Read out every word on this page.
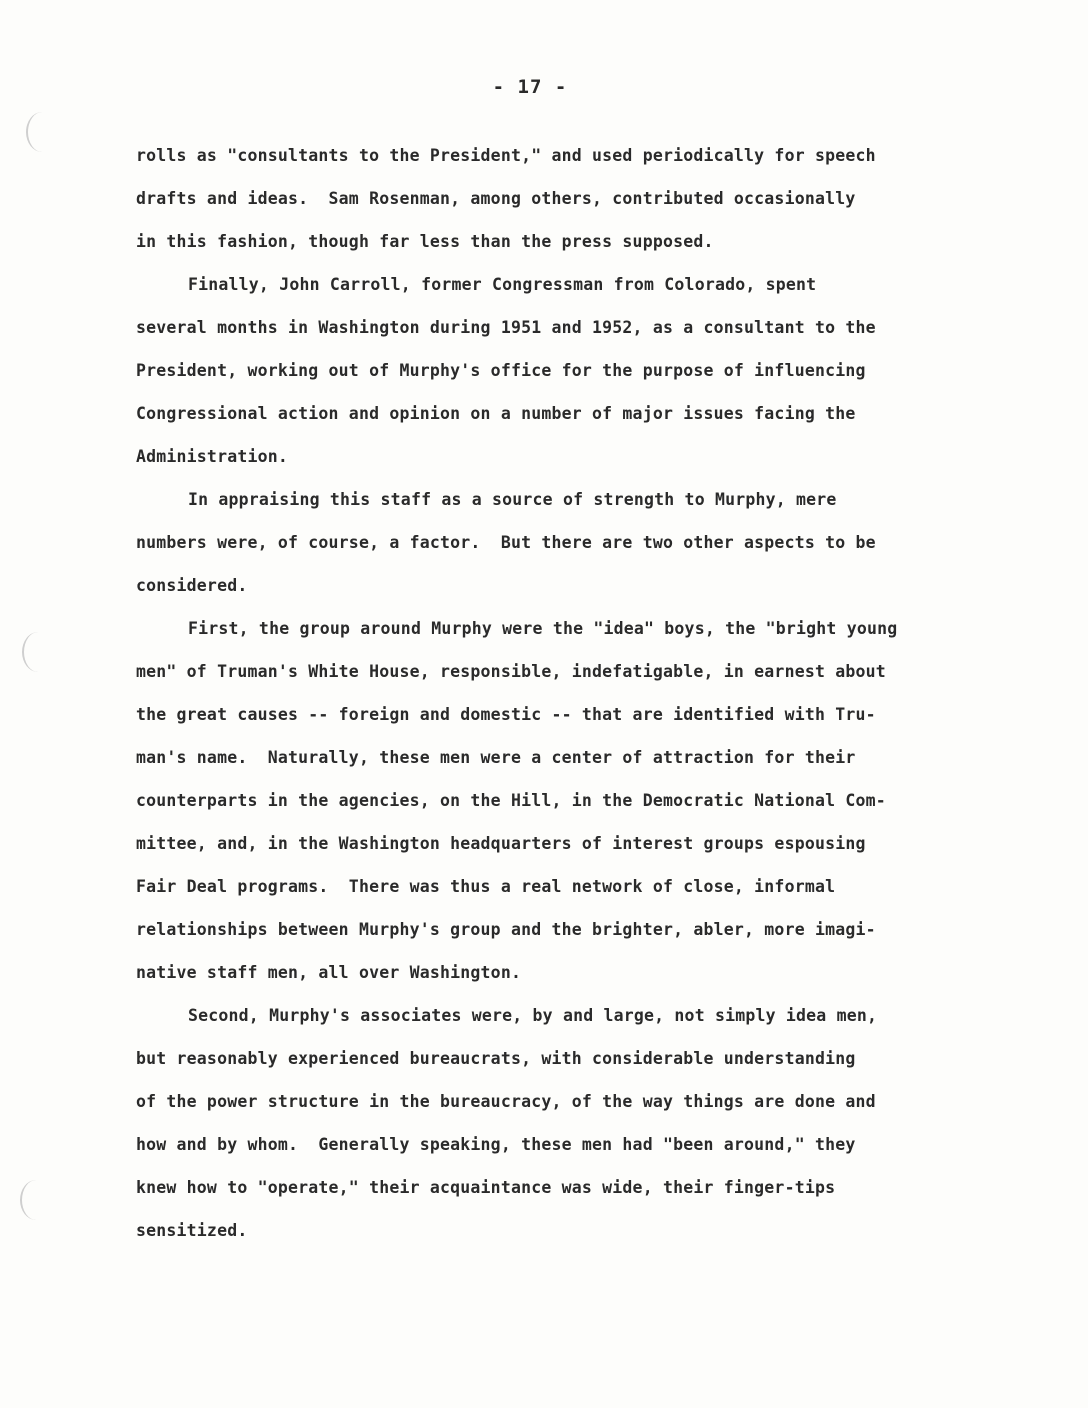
- 17 -
rolls as "consultants to the President," and used periodically for speech
drafts and ideas.  Sam Rosenman, among others, contributed occasionally
in this fashion, though far less than the press supposed.
Finally, John Carroll, former Congressman from Colorado, spent
several months in Washington during 1951 and 1952, as a consultant to the
President, working out of Murphy's office for the purpose of influencing
Congressional action and opinion on a number of major issues facing the
Administration.
In appraising this staff as a source of strength to Murphy, mere
numbers were, of course, a factor.  But there are two other aspects to be
considered.
First, the group around Murphy were the "idea" boys, the "bright young
men" of Truman's White House, responsible, indefatigable, in earnest about
the great causes -- foreign and domestic -- that are identified with Tru-
man's name.  Naturally, these men were a center of attraction for their
counterparts in the agencies, on the Hill, in the Democratic National Com-
mittee, and, in the Washington headquarters of interest groups espousing
Fair Deal programs.  There was thus a real network of close, informal
relationships between Murphy's group and the brighter, abler, more imagi-
native staff men, all over Washington.
Second, Murphy's associates were, by and large, not simply idea men,
but reasonably experienced bureaucrats, with considerable understanding
of the power structure in the bureaucracy, of the way things are done and
how and by whom.  Generally speaking, these men had "been around," they
knew how to "operate," their acquaintance was wide, their finger-tips
sensitized.
